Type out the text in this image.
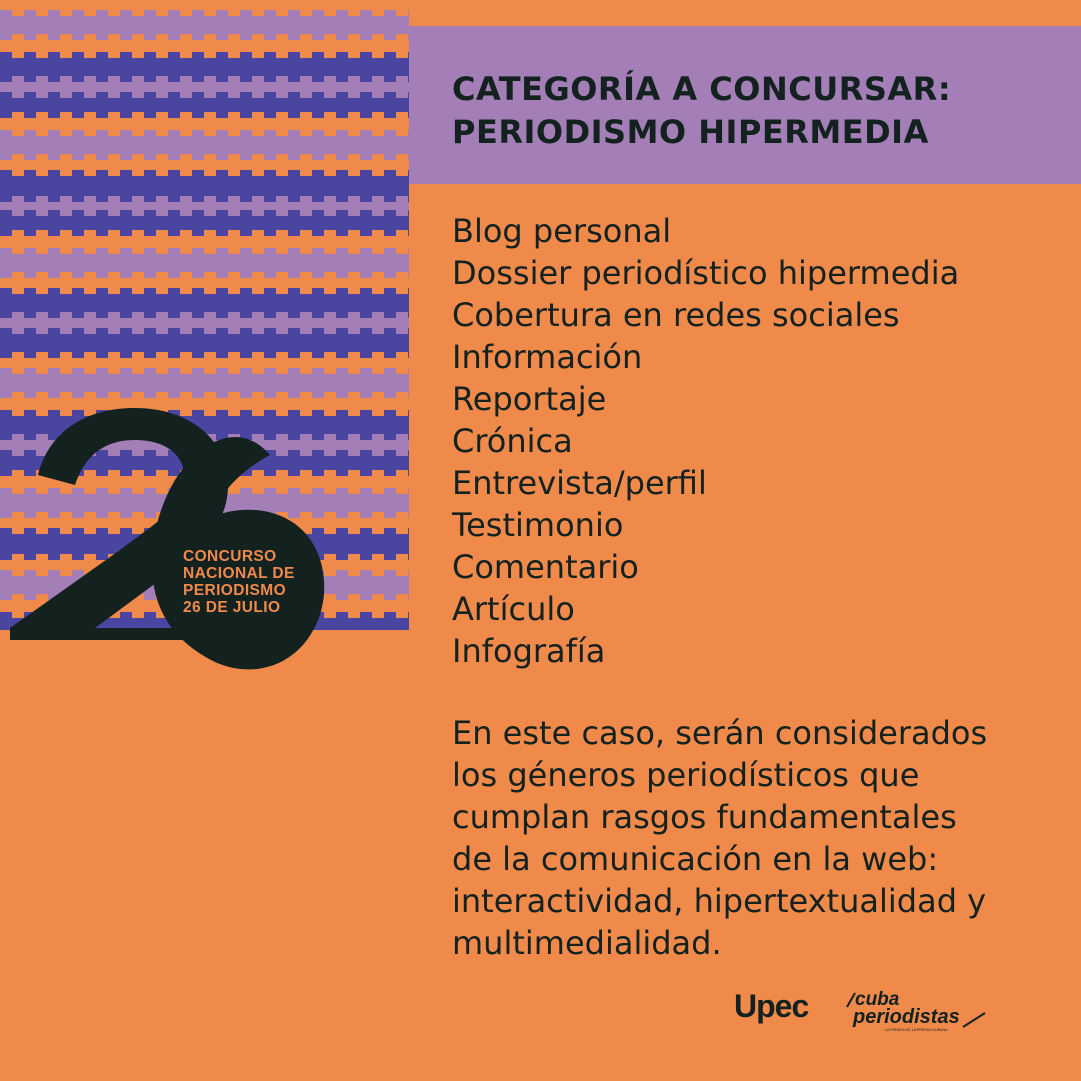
CATEGORÍA A CONCURSAR:
PERIODISMO HIPERMEDIA
Blog personal
Dossier periodístico hipermedia
Cobertura en redes sociales
Información
Reportaje
Crónica
Entrevista/perfil
Testimonio
Comentario
Artículo
Infografía

En este caso, serán considerados
los géneros periodísticos que
cumplan rasgos fundamentales
de la comunicación en la web:
interactividad, hipertextualidad y
multimedialidad.

26
CONCURSO
NACIONAL DE
PERIODISMO
26 DE JULIO
Upec cuba
periodistas
LA PRENSA DE LA PRENSA CUBANA
